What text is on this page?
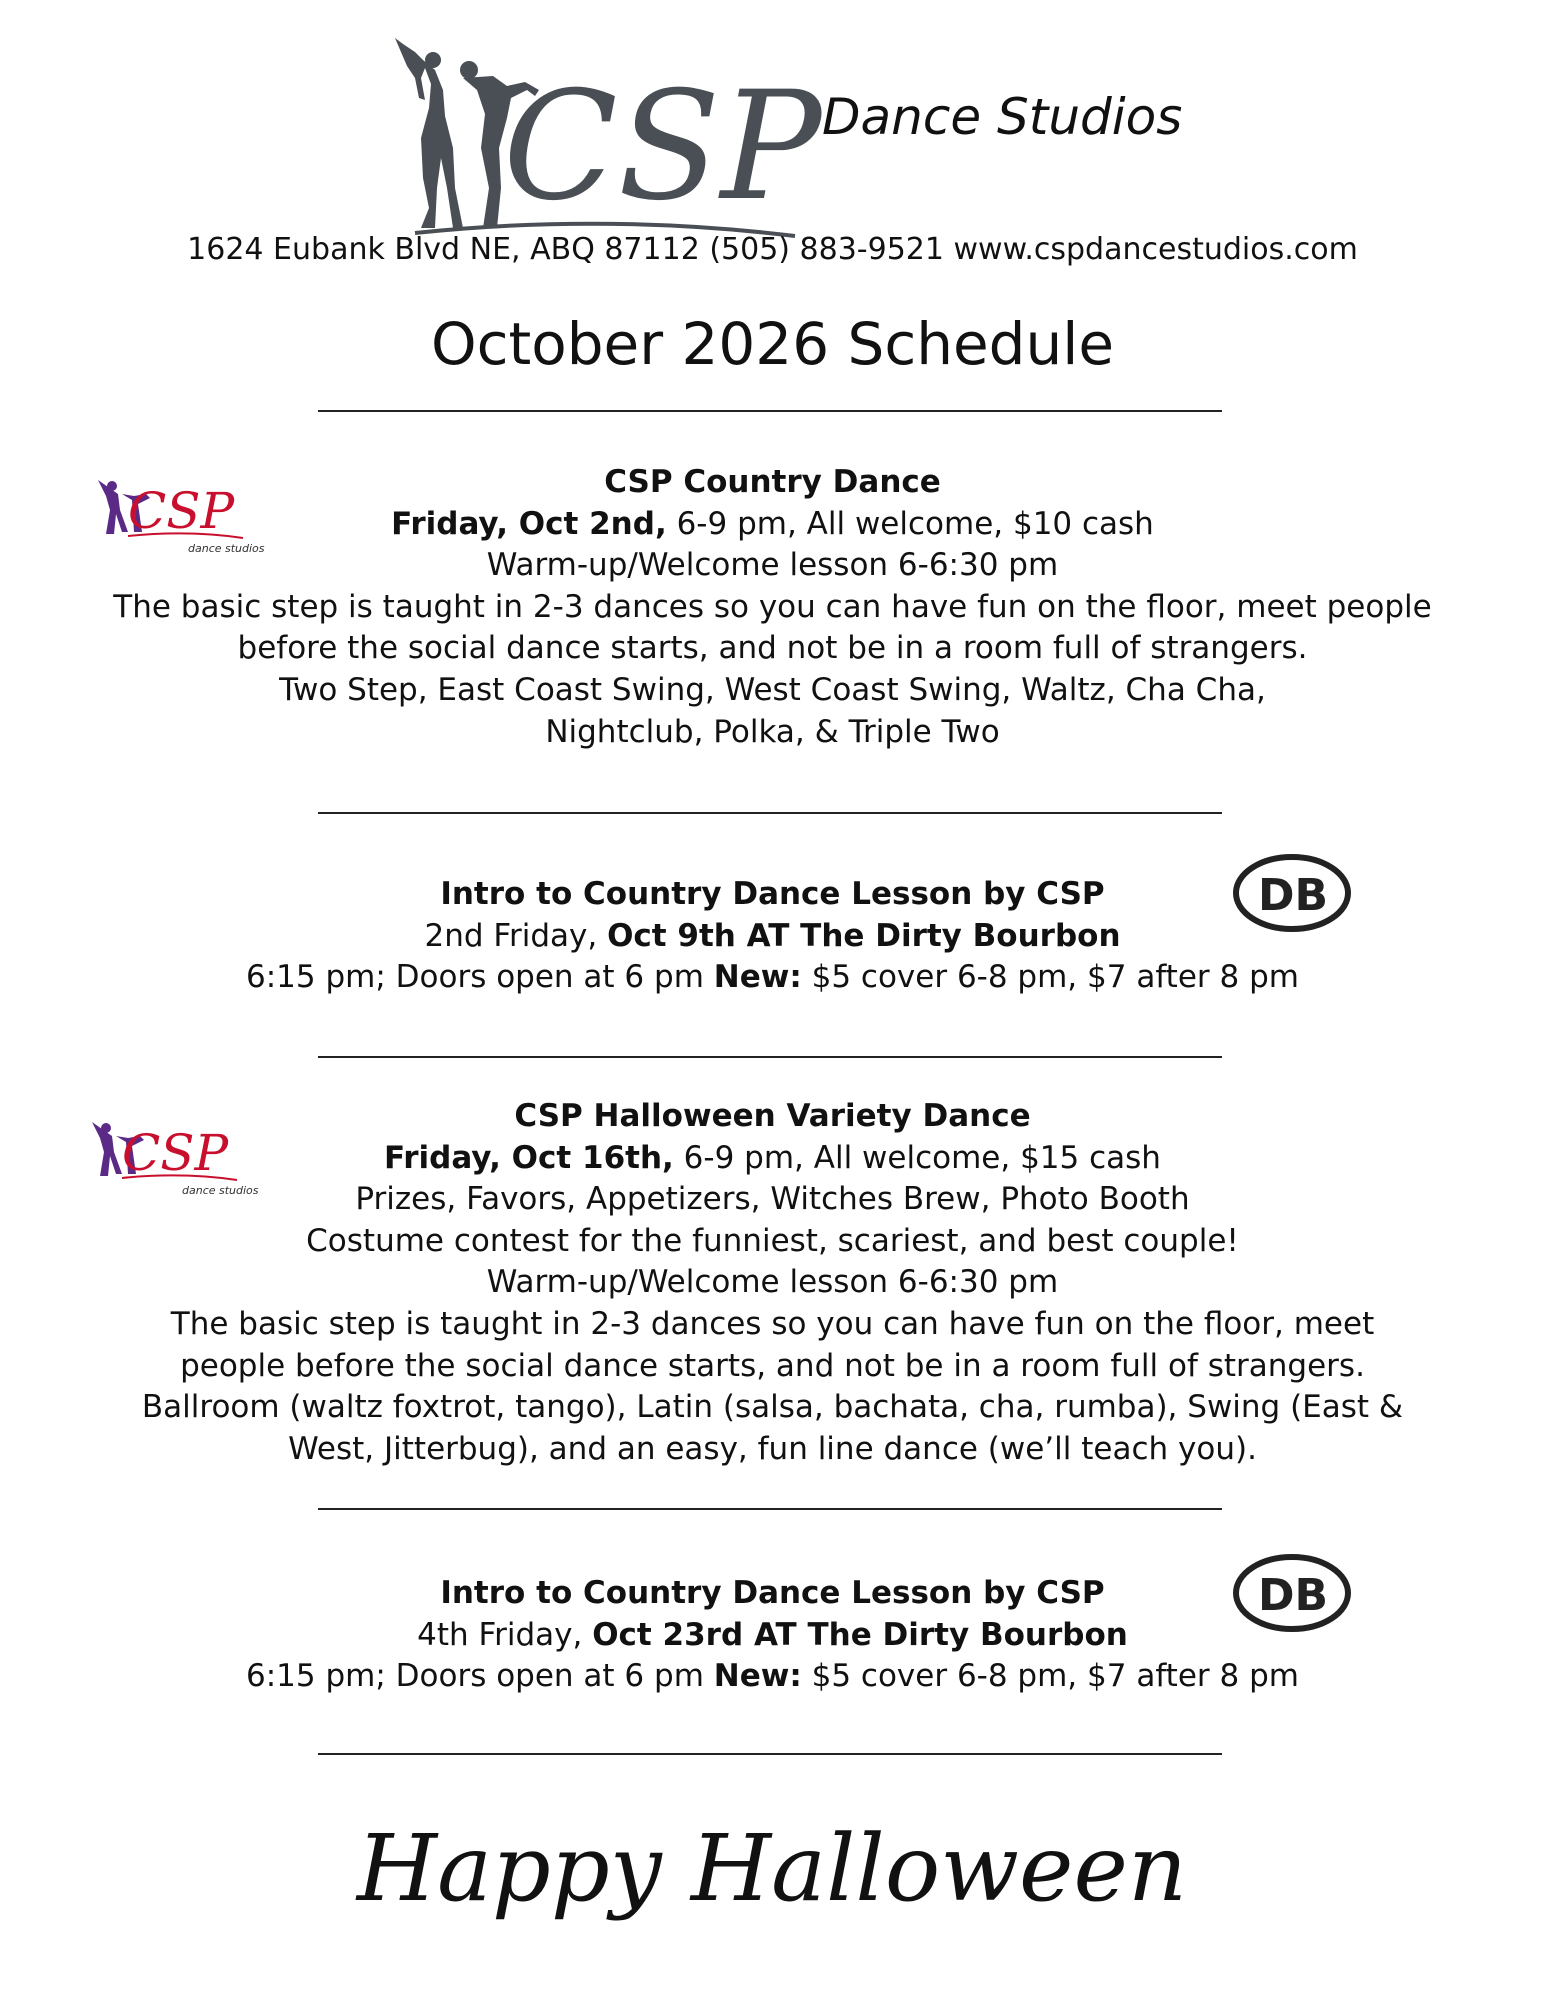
CSP Dance Studios
1624 Eubank Blvd NE, ABQ 87112 (505) 883-9521 www.cspdancestudios.com
October 2026 Schedule
CSP
dance studios
CSP Country Dance
Friday, Oct 2nd, 6-9 pm, All welcome, $10 cash
Warm-up/Welcome lesson 6-6:30 pm
The basic step is taught in 2-3 dances so you can have fun on the floor, meet people
before the social dance starts, and not be in a room full of strangers.
Two Step, East Coast Swing, West Coast Swing, Waltz, Cha Cha,
Nightclub, Polka, & Triple Two
DB
Intro to Country Dance Lesson by CSP
2nd Friday, Oct 9th AT The Dirty Bourbon
6:15 pm; Doors open at 6 pm New: $5 cover 6-8 pm, $7 after 8 pm
CSP
dance studios
CSP Halloween Variety Dance
Friday, Oct 16th, 6-9 pm, All welcome, $15 cash
Prizes, Favors, Appetizers, Witches Brew, Photo Booth
Costume contest for the funniest, scariest, and best couple!
Warm-up/Welcome lesson 6-6:30 pm
The basic step is taught in 2-3 dances so you can have fun on the floor, meet
people before the social dance starts, and not be in a room full of strangers.
Ballroom (waltz foxtrot, tango), Latin (salsa, bachata, cha, rumba), Swing (East &
West, Jitterbug), and an easy, fun line dance (we’ll teach you).
DB
Intro to Country Dance Lesson by CSP
4th Friday, Oct 23rd AT The Dirty Bourbon
6:15 pm; Doors open at 6 pm New: $5 cover 6-8 pm, $7 after 8 pm
Happy Halloween
